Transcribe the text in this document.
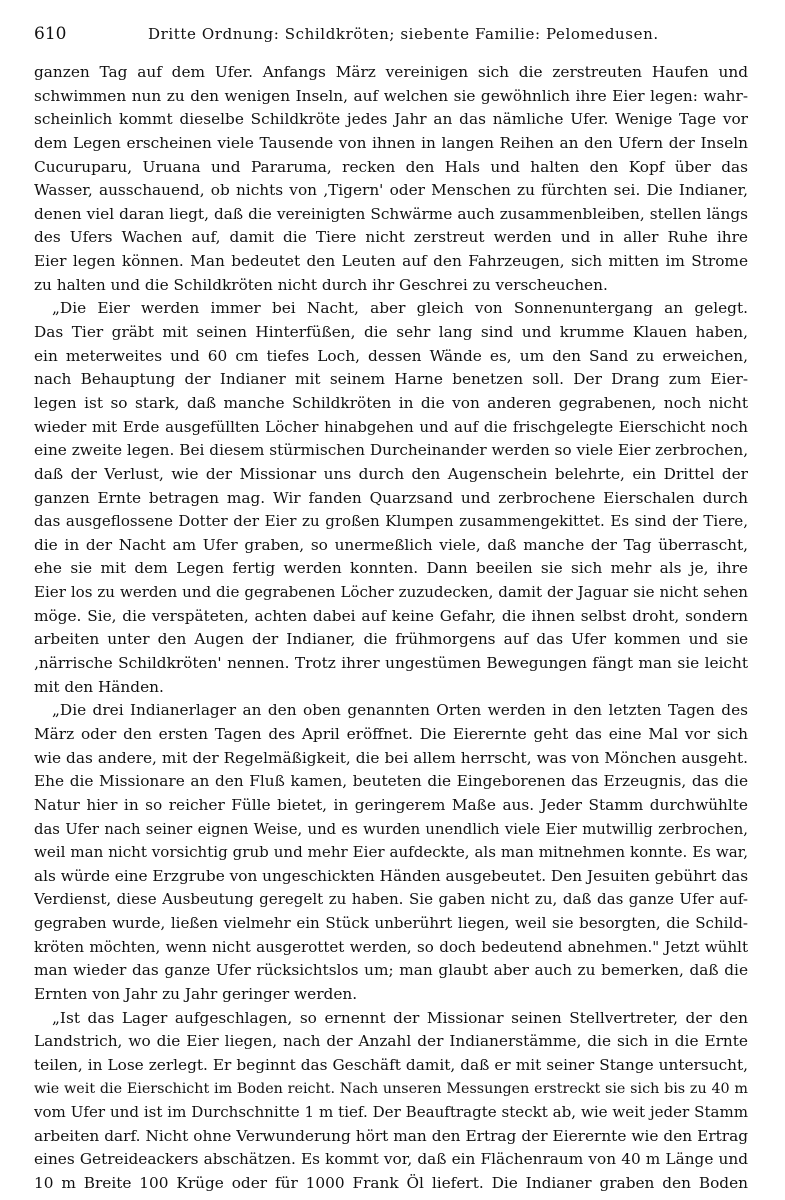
610	Dritte Ordnung: Schildkröten; siebente Familie: Pelomedusen.
ganzen Tag auf dem Ufer. Anfangs März vereinigen sich die zerstreuten Haufen und
schwimmen nun zu den wenigen Inseln, auf welchen sie gewöhnlich ihre Eier legen: wahr-
scheinlich kommt dieselbe Schildkröte jedes Jahr an das nämliche Ufer. Wenige Tage vor
dem Legen erscheinen viele Tausende von ihnen in langen Reihen an den Ufern der Inseln
Cucuruparu, Uruana und Pararuma, recken den Hals und halten den Kopf über das
Wasser, ausschauend, ob nichts von ‚Tigern' oder Menschen zu fürchten sei. Die Indianer,
denen viel daran liegt, daß die vereinigten Schwärme auch zusammenbleiben, stellen längs
des Ufers Wachen auf, damit die Tiere nicht zerstreut werden und in aller Ruhe ihre
Eier legen können. Man bedeutet den Leuten auf den Fahrzeugen, sich mitten im Strome
zu halten und die Schildkröten nicht durch ihr Geschrei zu verscheuchen.
„Die Eier werden immer bei Nacht, aber gleich von Sonnenuntergang an gelegt.
Das Tier gräbt mit seinen Hinterfüßen, die sehr lang sind und krumme Klauen haben,
ein meterweites und 60 cm tiefes Loch, dessen Wände es, um den Sand zu erweichen,
nach Behauptung der Indianer mit seinem Harne benetzen soll. Der Drang zum Eier-
legen ist so stark, daß manche Schildkröten in die von anderen gegrabenen, noch nicht
wieder mit Erde ausgefüllten Löcher hinabgehen und auf die frischgelegte Eierschicht noch
eine zweite legen. Bei diesem stürmischen Durcheinander werden so viele Eier zerbrochen,
daß der Verlust, wie der Missionar uns durch den Augenschein belehrte, ein Drittel der
ganzen Ernte betragen mag. Wir fanden Quarzsand und zerbrochene Eierschalen durch
das ausgeflossene Dotter der Eier zu großen Klumpen zusammengekittet. Es sind der Tiere,
die in der Nacht am Ufer graben, so unermeßlich viele, daß manche der Tag überrascht,
ehe sie mit dem Legen fertig werden konnten. Dann beeilen sie sich mehr als je, ihre
Eier los zu werden und die gegrabenen Löcher zuzudecken, damit der Jaguar sie nicht sehen
möge. Sie, die verspäteten, achten dabei auf keine Gefahr, die ihnen selbst droht, sondern
arbeiten unter den Augen der Indianer, die frühmorgens auf das Ufer kommen und sie
‚närrische Schildkröten' nennen. Trotz ihrer ungestümen Bewegungen fängt man sie leicht
mit den Händen.
„Die drei Indianerlager an den oben genannten Orten werden in den letzten Tagen des
März oder den ersten Tagen des April eröffnet. Die Eierernte geht das eine Mal vor sich
wie das andere, mit der Regelmäßigkeit, die bei allem herrscht, was von Mönchen ausgeht.
Ehe die Missionare an den Fluß kamen, beuteten die Eingeborenen das Erzeugnis, das die
Natur hier in so reicher Fülle bietet, in geringerem Maße aus. Jeder Stamm durchwühlte
das Ufer nach seiner eignen Weise, und es wurden unendlich viele Eier mutwillig zerbrochen,
weil man nicht vorsichtig grub und mehr Eier aufdeckte, als man mitnehmen konnte. Es war,
als würde eine Erzgrube von ungeschickten Händen ausgebeutet. Den Jesuiten gebührt das
Verdienst, diese Ausbeutung geregelt zu haben. Sie gaben nicht zu, daß das ganze Ufer auf-
gegraben wurde, ließen vielmehr ein Stück unberührt liegen, weil sie besorgten, die Schild-
kröten möchten, wenn nicht ausgerottet werden, so doch bedeutend abnehmen." Jetzt wühlt
man wieder das ganze Ufer rücksichtslos um; man glaubt aber auch zu bemerken, daß die
Ernten von Jahr zu Jahr geringer werden.
„Ist das Lager aufgeschlagen, so ernennt der Missionar seinen Stellvertreter, der den
Landstrich, wo die Eier liegen, nach der Anzahl der Indianerstämme, die sich in die Ernte
teilen, in Lose zerlegt. Er beginnt das Geschäft damit, daß er mit seiner Stange untersucht,
wie weit die Eierschicht im Boden reicht. Nach unseren Messungen erstreckt sie sich bis zu 40 m
vom Ufer und ist im Durchschnitte 1 m tief. Der Beauftragte steckt ab, wie weit jeder Stamm
arbeiten darf. Nicht ohne Verwunderung hört man den Ertrag der Eierernte wie den Ertrag
eines Getreideackers abschätzen. Es kommt vor, daß ein Flächenraum von 40 m Länge und
10 m Breite 100 Krüge oder für 1000 Frank Öl liefert. Die Indianer graben den Boden
